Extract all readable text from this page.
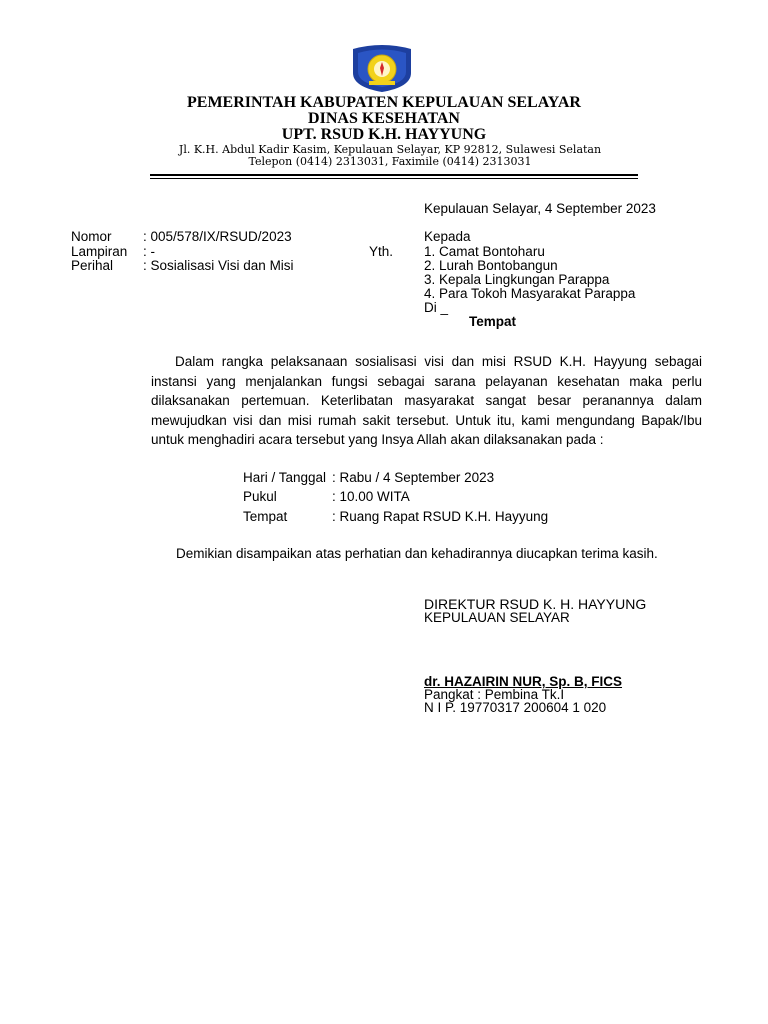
PEMERINTAH KABUPATEN KEPULAUAN SELAYAR
DINAS KESEHATAN
UPT. RSUD K.H. HAYYUNG
Jl. K.H. Abdul Kadir Kasim, Kepulauan Selayar, KP 92812, Sulawesi Selatan
Telepon (0414) 2313031, Faximile (0414) 2313031
Kepulauan Selayar, 4 September 2023
Nomor : 005/578/IX/RSUD/2023
Lampiran : -
Perihal : Sosialisasi Visi dan Misi
Kepada
Yth. 1. Camat Bontoharu
2. Lurah Bontobangun
3. Kepala Lingkungan Parappa
4. Para Tokoh Masyarakat Parappa
Di _
Tempat

Dalam rangka pelaksanaan sosialisasi visi dan misi RSUD K.H. Hayyung sebagai instansi yang menjalankan fungsi sebagai sarana pelayanan kesehatan maka perlu dilaksanakan pertemuan. Keterlibatan masyarakat sangat besar peranannya dalam mewujudkan visi dan misi rumah sakit tersebut. Untuk itu, kami mengundang Bapak/Ibu untuk menghadiri acara tersebut yang Insya Allah akan dilaksanakan pada :

Hari / Tanggal : Rabu / 4 September 2023
Pukul	: 10.00 WITA
Tempat	: Ruang Rapat RSUD K.H. Hayyung
Demikian disampaikan atas perhatian dan kehadirannya diucapkan terima kasih.
DIREKTUR RSUD K. H. HAYYUNG
KEPULAUAN SELAYAR
dr. HAZAIRIN NUR, Sp. B, FICS
Pangkat : Pembina Tk.I
N I P. 19770317 200604 1 020
